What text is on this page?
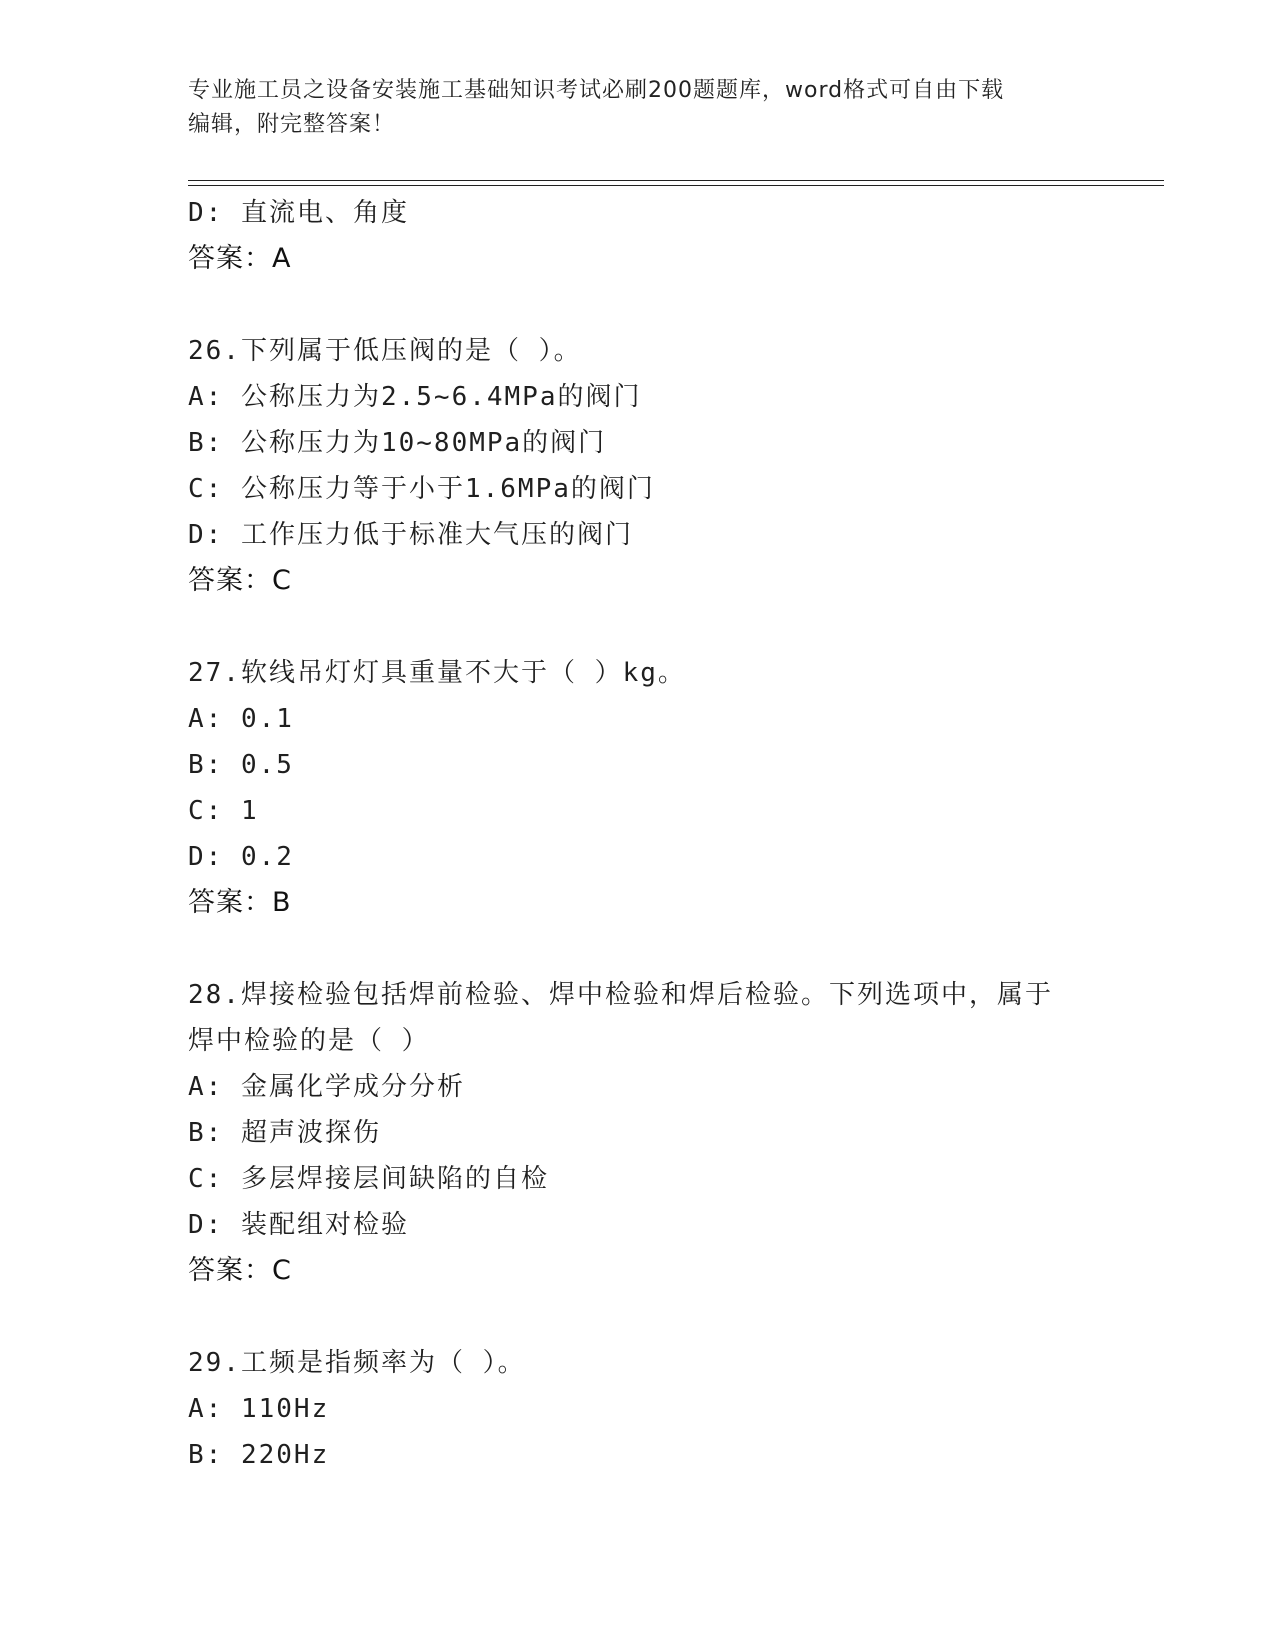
专业施工员之设备安装施工基础知识考试必刷200题题库，word格式可自由下载
编辑，附完整答案！
D: 直流电、角度
答案：A
26.下列属于低压阀的是（ ）。
A: 公称压力为2.5~6.4MPa的阀门
B: 公称压力为10~80MPa的阀门
C: 公称压力等于小于1.6MPa的阀门
D: 工作压力低于标准大气压的阀门
答案：C
27.软线吊灯灯具重量不大于（ ）kg。
A: 0.1
B: 0.5
C: 1
D: 0.2
答案：B
28.焊接检验包括焊前检验、焊中检验和焊后检验。下列选项中，属于
焊中检验的是（ ）
A: 金属化学成分分析
B: 超声波探伤
C: 多层焊接层间缺陷的自检
D: 装配组对检验
答案：C
29.工频是指频率为（ ）。
A: 110Hz
B: 220Hz
